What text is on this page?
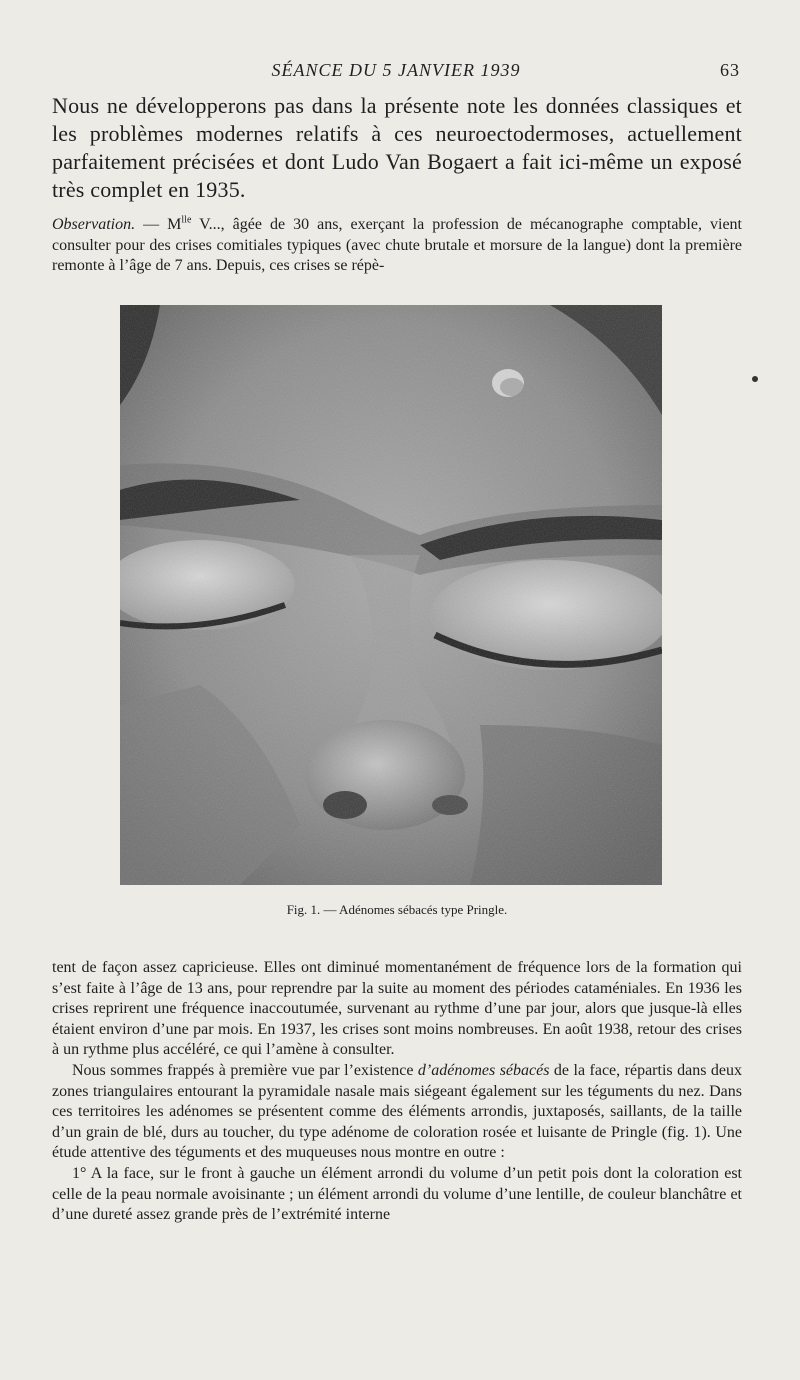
SÉANCE DU 5 JANVIER 1939	63
Nous ne développerons pas dans la présente note les données classiques et les problèmes modernes relatifs à ces neuroectodermoses, actuellement parfaitement précisées et dont Ludo Van Bogaert a fait ici-même un exposé très complet en 1935.
Observation. — $M^{lle}$ V..., âgée de 30 ans, exerçant la profession de mécanographe comptable, vient consulter pour des crises comitiales typiques (avec chute brutale et morsure de la langue) dont la première remonte à l’âge de 7 ans. Depuis, ces crises se répè-
Fig. 1. — Adénomes sébacés type Pringle.

tent de façon assez capricieuse. Elles ont diminué momentanément de fréquence lors de la formation qui s’est faite à l’âge de 13 ans, pour reprendre par la suite au moment des périodes cataméniales. En 1936 les crises reprirent une fréquence inaccoutumée, survenant au rythme d’une par jour, alors que jusque-là elles étaient environ d’une par mois. En 1937, les crises sont moins nombreuses. En août 1938, retour des crises à un rythme plus accéléré, ce qui l’amène à consulter.

Nous sommes frappés à première vue par l’existence d’adénomes sébacés de la face, répartis dans deux zones triangulaires entourant la pyramidale nasale mais siégeant également sur les téguments du nez. Dans ces territoires les adénomes se présentent comme des éléments arrondis, juxtaposés, saillants, de la taille d’un grain de blé, durs au toucher, du type adénome de coloration rosée et luisante de Pringle (fig. 1). Une étude attentive des téguments et des muqueuses nous montre en outre :

1° A la face, sur le front à gauche un élément arrondi du volume d’un petit pois dont la coloration est celle de la peau normale avoisinante ; un élément arrondi du volume d’une lentille, de couleur blanchâtre et d’une dureté assez grande près de l’extrémité interne
